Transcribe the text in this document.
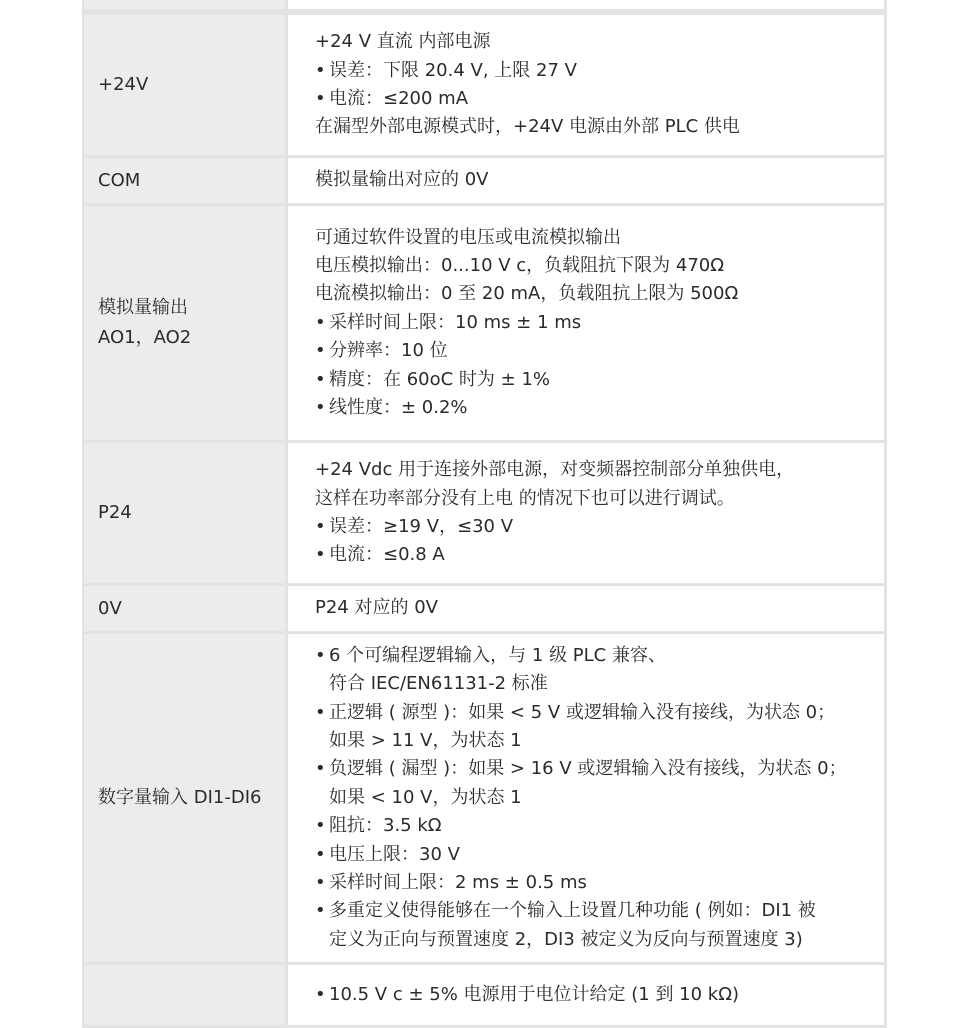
+24V
+24 V 直流 内部电源
• 误差：下限 20.4 V, 上限 27 V
• 电流：≤200 mA
在漏型外部电源模式时，+24V 电源由外部 PLC 供电
COM	模拟量输出对应的 0V
模拟量输出
AO1，AO2
可通过软件设置的电压或电流模拟输出
电压模拟输出：0...10 V c，负载阻抗下限为 470Ω
电流模拟输出：0 至 20 mA，负载阻抗上限为 500Ω
• 采样时间上限：10 ms ± 1 ms
• 分辨率：10 位
• 精度：在 60oC 时为 ± 1%
• 线性度：± 0.2%
P24
+24 Vdc 用于连接外部电源，对变频器控制部分单独供电，
这样在功率部分没有上电 的情况下也可以进行调试。
• 误差：≥19 V，≤30 V
• 电流：≤0.8 A
0V	P24 对应的 0V
数字量输入 DI1-DI6
• 6 个可编程逻辑输入，与 1 级 PLC 兼容、
符合 IEC/EN61131-2 标准
• 正逻辑 ( 源型 )：如果 < 5 V 或逻辑输入没有接线，为状态 0；
如果 > 11 V，为状态 1
• 负逻辑 ( 漏型 )：如果 > 16 V 或逻辑输入没有接线，为状态 0；
如果 < 10 V，为状态 1
• 阻抗：3.5 kΩ
• 电压上限：30 V
• 采样时间上限：2 ms ± 0.5 ms
• 多重定义使得能够在一个输入上设置几种功能 ( 例如：DI1 被
定义为正向与预置速度 2，DI3 被定义为反向与预置速度 3)
• 10.5 V c ± 5% 电源用于电位计给定 (1 到 10 kΩ)
